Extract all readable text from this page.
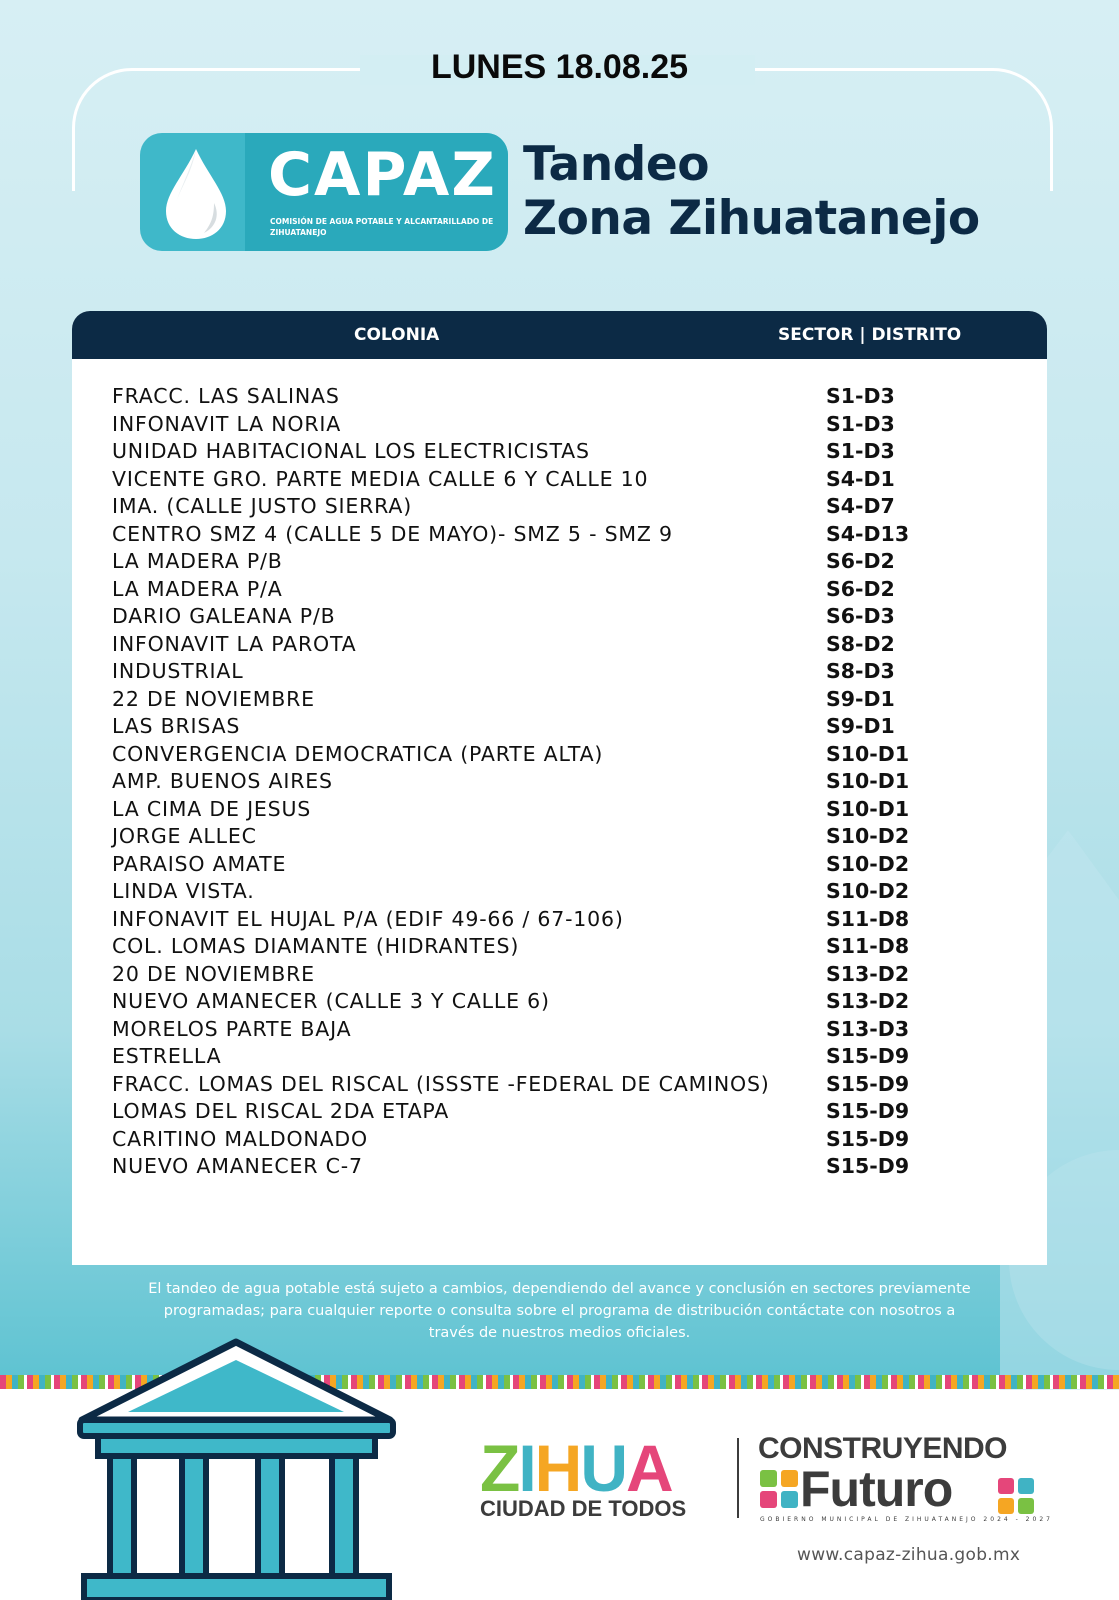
LUNES 18.08.25
CAPAZ
COMISIÓN DE AGUA POTABLE Y ALCANTARILLADO DE ZIHUATANEJO
Tandeo
Zona Zihuatanejo
COLONIA	SECTOR | DISTRITO
FRACC. LAS SALINAS	S1-D3
INFONAVIT LA NORIA	S1-D3
UNIDAD HABITACIONAL LOS ELECTRICISTAS	S1-D3
VICENTE GRO. PARTE MEDIA CALLE 6 Y CALLE 10	S4-D1
IMA. (CALLE JUSTO SIERRA)	S4-D7
CENTRO SMZ 4 (CALLE 5 DE MAYO)- SMZ 5 - SMZ 9	S4-D13
LA MADERA P/B	S6-D2
LA MADERA P/A	S6-D2
DARIO GALEANA P/B	S6-D3
INFONAVIT LA PAROTA	S8-D2
INDUSTRIAL	S8-D3
22 DE NOVIEMBRE	S9-D1
LAS BRISAS	S9-D1
CONVERGENCIA DEMOCRATICA (PARTE ALTA)	S10-D1
AMP. BUENOS AIRES	S10-D1
LA CIMA DE JESUS	S10-D1
JORGE ALLEC	S10-D2
PARAISO AMATE	S10-D2
LINDA VISTA.	S10-D2
INFONAVIT EL HUJAL P/A (EDIF 49-66 / 67-106)	S11-D8
COL. LOMAS DIAMANTE (HIDRANTES)	S11-D8
20 DE NOVIEMBRE	S13-D2
NUEVO AMANECER (CALLE 3 Y CALLE 6)	S13-D2
MORELOS PARTE BAJA	S13-D3
ESTRELLA	S15-D9
FRACC. LOMAS DEL RISCAL (ISSSTE -FEDERAL DE CAMINOS)	S15-D9
LOMAS DEL RISCAL 2DA ETAPA	S15-D9
CARITINO MALDONADO	S15-D9
NUEVO AMANECER C-7	S15-D9
El tandeo de agua potable está sujeto a cambios, dependiendo del avance y conclusión en sectores previamente
programadas; para cualquier reporte o consulta sobre el programa de distribución contáctate con nosotros a
través de nuestros medios oficiales.
ZIHUA
CIUDAD DE TODOS
CONSTRUYENDO
Futuro
GOBIERNO MUNICIPAL DE ZIHUATANEJO 2024 - 2027
www.capaz-zihua.gob.mx
